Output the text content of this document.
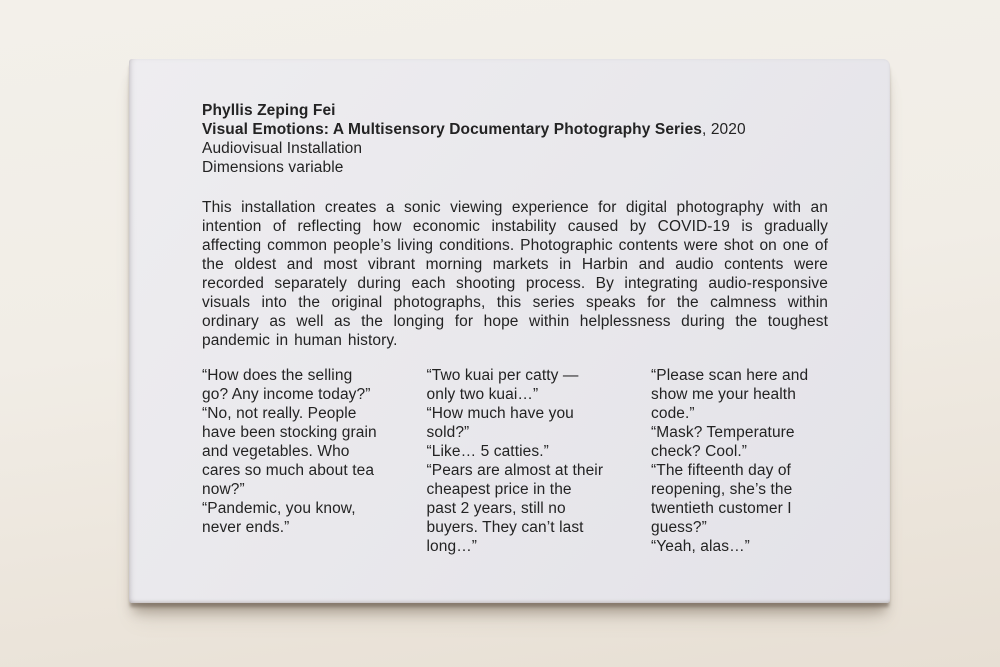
Phyllis Zeping Fei
Visual Emotions: A Multisensory Documentary Photography Series, 2020
Audiovisual Installation
Dimensions variable

This installation creates a sonic viewing experience for digital photography with an intention of reflecting how economic instability caused by COVID-19 is gradually affecting common people’s living conditions. Photographic contents were shot on one of the oldest and most vibrant morning markets in Harbin and audio contents were recorded separately during each shooting process. By integrating audio-responsive visuals into the original photographs, this series speaks for the calmness within ordinary as well as the longing for hope within helplessness during the toughest pandemic in human history.

“How does the selling go? Any income today?”

“No, not really. People have been stocking grain and vegetables. Who cares so much about tea now?”

“Pandemic, you know, never ends.”

“Two kuai per catty — only two kuai…”

“How much have you sold?”

“Like… 5 catties.”

“Pears are almost at their cheapest price in the past 2 years, still no buyers. They can’t last long…”

“Please scan here and show me your health code.”

“Mask? Temperature check? Cool.”

“The fifteenth day of reopening, she’s the twentieth customer I guess?”

“Yeah, alas…”
